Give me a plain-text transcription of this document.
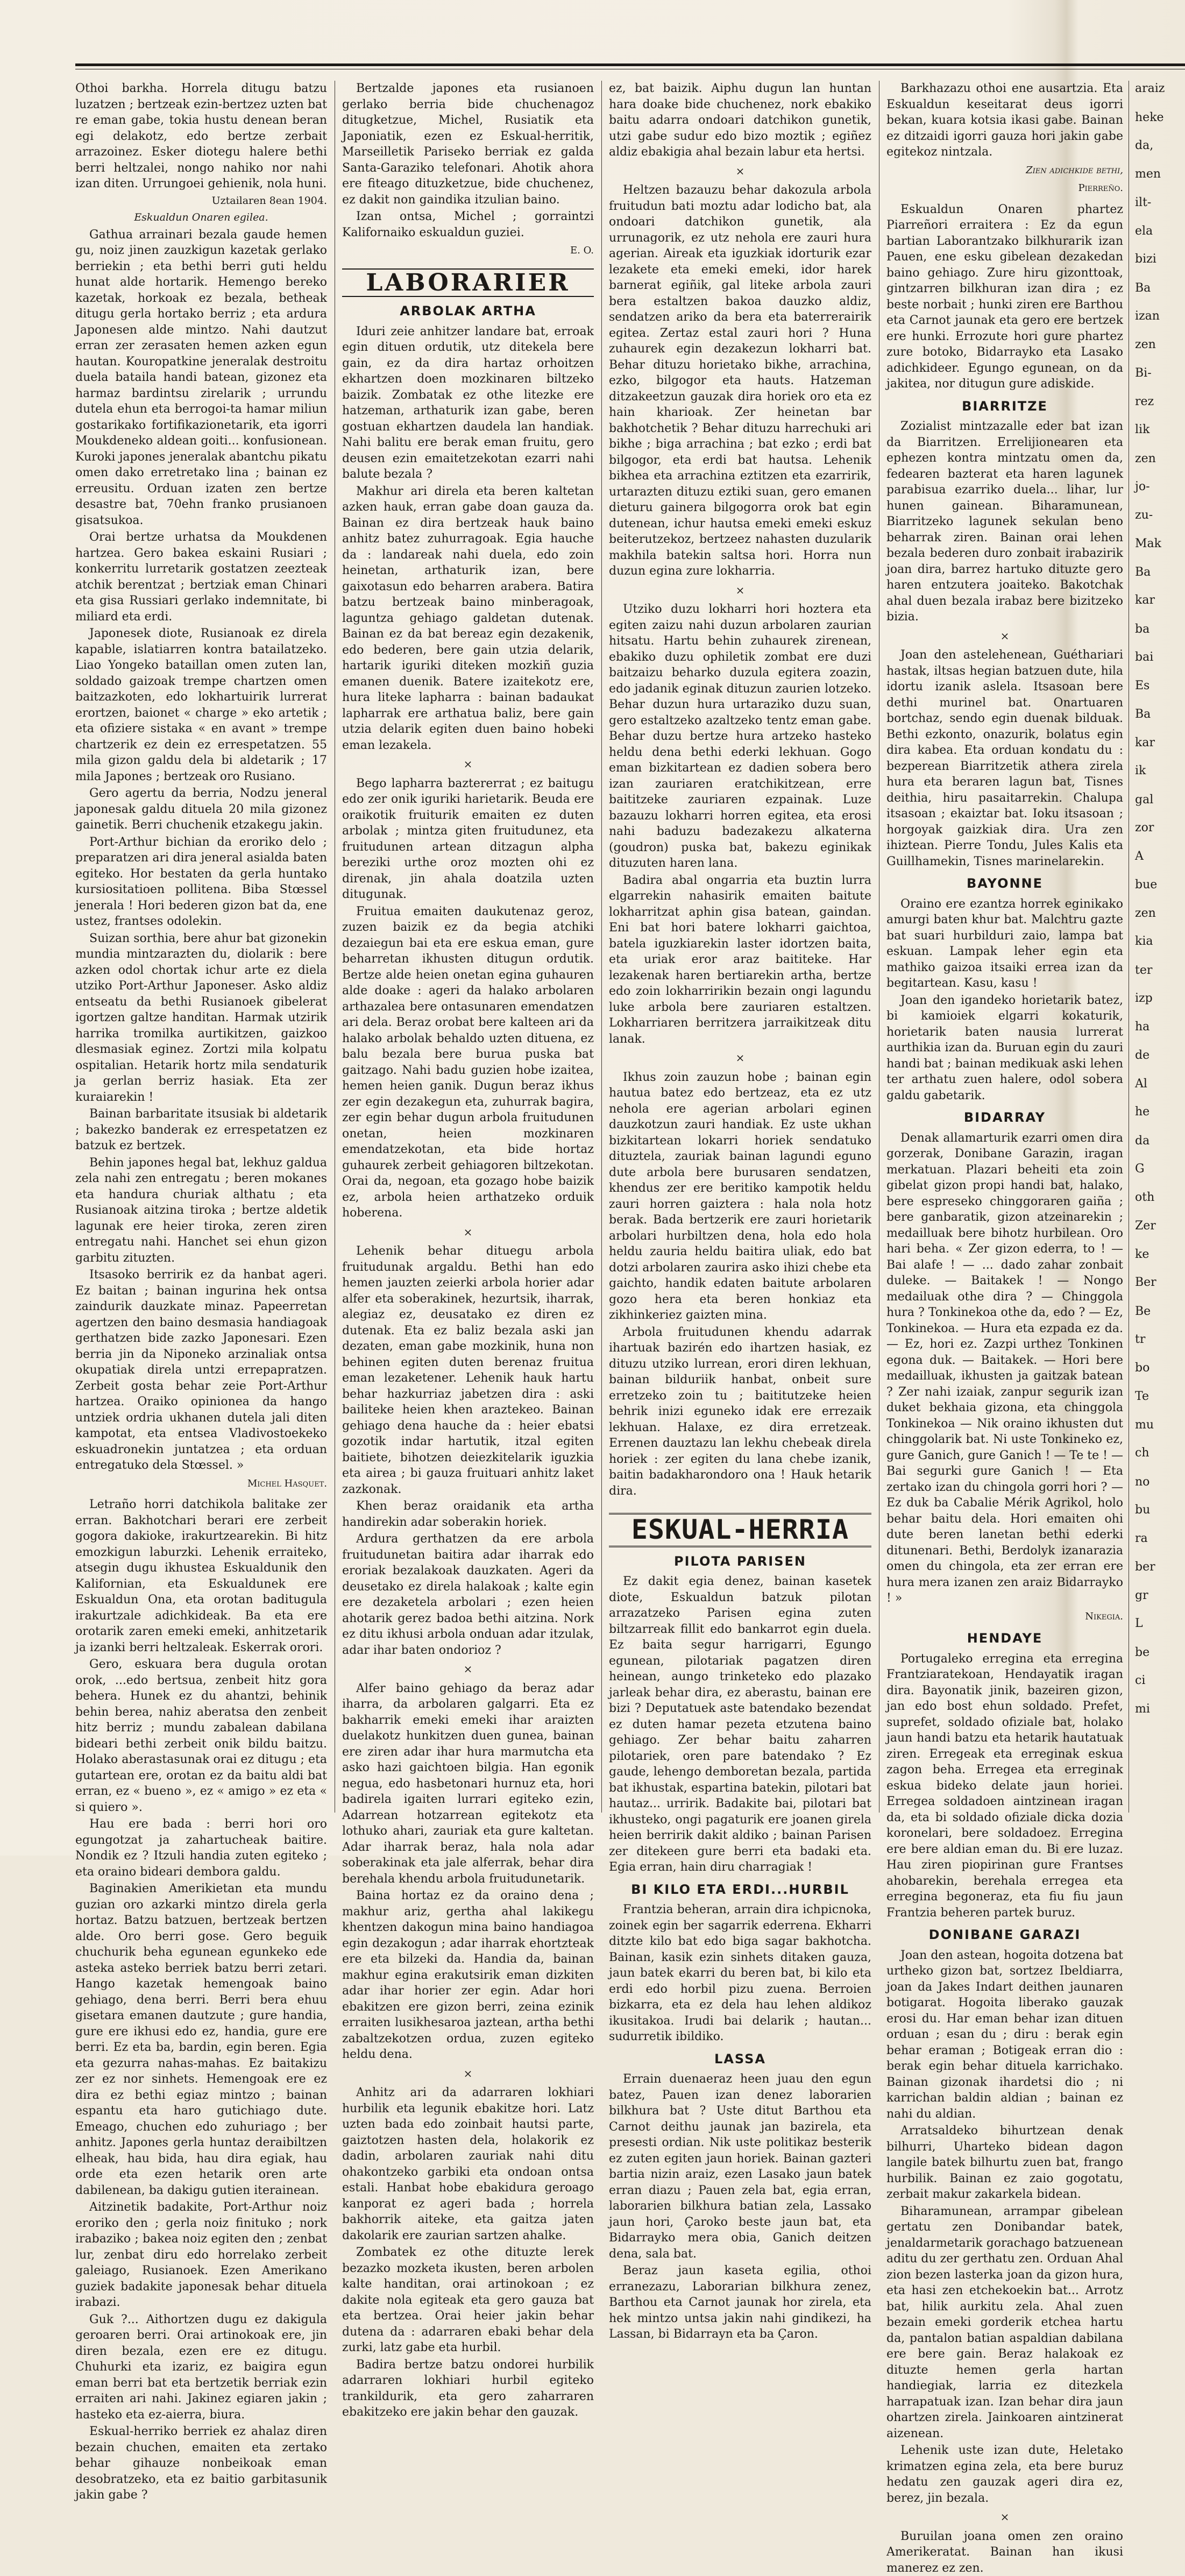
Othoi barkha. Horrela ditugu batzu luzatzen ; bertzeak ezin-bertzez uzten bat re eman gabe, tokia hustu denean beran egi delakotz, edo bertze zerbait arrazoinez. Esker diotegu halere bethi berri heltzalei, nongo nahiko nor nahi izan diten. Urrungoei gehienik, nola huni.

Uztailaren 8ean 1904.
Eskualdun Onaren egilea.

Gathua arrainari bezala gaude hemen gu, noiz jinen zauzkigun kazetak gerlako berriekin ; eta bethi berri guti heldu hunat alde hortarik. Hemengo bereko kazetak, horkoak ez bezala, betheak ditugu gerla hortako berriz ; eta ardura Japonesen alde mintzo. Nahi dautzut erran zer zerasaten hemen azken egun hautan. Kouropatkine jeneralak destroitu duela bataila handi batean, gizonez eta harmaz bardintsu zirelarik ; urrundu dutela ehun eta berrogoi-ta hamar miliun gostarikako fortifikazionetarik, eta igorri Moukdeneko aldean goiti... konfusionean. Kuroki japones jeneralak abantchu pikatu omen dako erretretako lina ; bainan ez erreusitu. Orduan izaten zen bertze desastre bat, 70ehn franko prusianoen gisatsukoa.

Orai bertze urhatsa da Moukdenen hartzea. Gero bakea eskaini Rusiari ; konkerritu lurretarik gostatzen zeezteak atchik berentzat ; bertziak eman Chinari eta gisa Russiari gerlako indemnitate, bi miliard eta erdi.

Japonesek diote, Rusianoak ez direla kapable, islatiarren kontra batailatzeko. Liao Yongeko bataillan omen zuten lan, soldado gaizoak trempe chartzen omen baitzazkoten, edo lokhartuirik lurrerat erortzen, baionet « charge » eko artetik ; eta ofiziere sistaka « en avant » trempe chartzerik ez dein ez errespetatzen. 55 mila gizon galdu dela bi aldetarik ; 17 mila Japones ; bertzeak oro Rusiano.

Gero agertu da berria, Nodzu jeneral japonesak galdu dituela 20 mila gizonez gainetik. Berri chuchenik etzakegu jakin.

Port-Arthur bichian da eroriko delo ; preparatzen ari dira jeneral asialda baten egiteko. Hor bestaten da gerla huntako kursiositatioen pollitena. Biba Stœssel jenerala ! Hori bederen gizon bat da, ene ustez, frantses odolekin.

Suizan sorthia, bere ahur bat gizonekin mundia mintzarazten du, diolarik : bere azken odol chortak ichur arte ez diela utziko Port-Arthur Japoneser. Asko aldiz entseatu da bethi Rusianoek gibelerat igortzen galtze handitan. Harmak utzirik harrika tromilka aurtikitzen, gaizkoo dlesmasiak eginez. Zortzi mila kolpatu ospitalian. Hetarik hortz mila sendaturik ja gerlan berriz hasiak. Eta zer kuraiarekin !

Bainan barbaritate itsusiak bi aldetarik ; bakezko banderak ez errespetatzen ez batzuk ez bertzek.

Behin japones hegal bat, lekhuz galdua zela nahi zen entregatu ; beren mokanes eta handura churiak althatu ; eta Rusianoak aitzina tiroka ; bertze aldetik lagunak ere heier tiroka, zeren ziren entregatu nahi. Hanchet sei ehun gizon garbitu zituzten.

Itsasoko berririk ez da hanbat ageri. Ez baitan ; bainan ingurina hek ontsa zaindurik dauzkate minaz. Papeerretan agertzen den baino desmasia handiagoak gerthatzen bide zazko Japonesari. Ezen berria jin da Niponeko arzinaliak ontsa okupatiak direla untzi errepapratzen. Zerbeit gosta behar zeie Port-Arthur hartzea. Oraiko opinionea da hango untziek ordria ukhanen dutela jali diten kampotat, eta entsea Vladivostoekeko eskuadronekin juntatzea ; eta orduan entregatuko dela Stœssel. »

Michel Hasquet.

Letraño horri datchikola balitake zer erran. Bakhotchari berari ere zerbeit gogora dakioke, irakurtzearekin. Bi hitz emozkigun laburzki. Lehenik erraiteko, atsegin dugu ikhustea Eskualdunik den Kalifornian, eta Eskualdunek ere Eskualdun Ona, eta orotan baditugula irakurtzale adichkideak. Ba eta ere orotarik zaren emeki emeki, anhitzetarik ja izanki berri heltzaleak. Eskerrak orori.

Gero, eskuara bera dugula orotan orok, ...edo bertsua, zenbeit hitz gora behera. Hunek ez du ahantzi, behinik behin berea, nahiz aberatsa den zenbeit hitz berriz ; mundu zabalean dabilana bideari bethi zerbeit onik bildu baitzu. Holako aberastasunak orai ez ditugu ; eta gutartean ere, orotan ez da baitu aldi bat erran, ez « bueno », ez « amigo » ez eta « si quiero ».

Hau ere bada : berri hori oro egungotzat ja zahartucheak baitire. Nondik ez ? Itzuli handia zuten egiteko ; eta oraino bideari dembora galdu.

Baginakien Amerikietan eta mundu guzian oro azkarki mintzo direla gerla hortaz. Batzu batzuen, bertzeak bertzen alde. Oro berri gose. Gero beguik chuchurik beha egunean egunkeko ede asteka asteko berriek batzu berri zetari. Hango kazetak hemengoak baino gehiago, dena berri. Berri bera ehuu gisetara emanen dautzute ; gure handia, gure ere ikhusi edo ez, handia, gure ere berri. Ez eta ba, bardin, egin beren. Egia eta gezurra nahas-mahas. Ez baitakizu zer ez nor sinhets. Hemengoak ere ez dira ez bethi egiaz mintzo ; bainan espantu eta haro gutichiago dute. Emeago, chuchen edo zuhuriago ; ber anhitz. Japones gerla huntaz deraibiltzen elheak, hau bida, hau dira egiak, hau orde eta ezen hetarik oren arte dabilenean, ba dakigu gutien iterainean.

Aitzinetik badakite, Port-Arthur noiz eroriko den ; gerla noiz finituko ; nork irabaziko ; bakea noiz egiten den ; zenbat lur, zenbat diru edo horrelako zerbeit galeiago, Rusianoek. Ezen Amerikano guziek badakite japonesak behar dituela irabazi.

Guk ?... Aithortzen dugu ez dakigula geroaren berri. Orai artinokoak ere, jin diren bezala, ezen ere ez ditugu. Chuhurki eta izariz, ez baigira egun eman berri bat eta bertzetik berriak ezin erraiten ari nahi. Jakinez egiaren jakin ; hasteko eta ez-aierra, biura.

Eskual-herriko berriek ez ahalaz diren bezain chuchen, emaiten eta zertako behar gihauze nonbeikoak eman desobratzeko, eta ez baitio garbitasunik jakin gabe ?

Bertzalde japones eta rusianoen gerlako berria bide chuchenagoz ditugketzue, Michel, Rusiatik eta Japoniatik, ezen ez Eskual-herritik, Marseilletik Pariseko berriak ez galda Santa-Garaziko telefonari. Ahotik ahora ere fiteago dituzketzue, bide chuchenez, ez dakit non gaindika itzulian baino.

Izan ontsa, Michel ; gorraintzi Kalifornaiko eskualdun guziei.

E. O.
LABORARIER
ARBOLAK ARTHA

Iduri zeie anhitzer landare bat, erroak egin dituen ordutik, utz ditekela bere gain, ez da dira hartaz orhoitzen ekhartzen doen mozkinaren biltzeko baizik. Zombatak ez othe litezke ere hatzeman, arthaturik izan gabe, beren gostuan ekhartzen daudela lan handiak. Nahi balitu ere berak eman fruitu, gero deusen ezin emaitetzekotan ezarri nahi balute bezala ?

Makhur ari direla eta beren kaltetan azken hauk, erran gabe doan gauza da. Bainan ez dira bertzeak hauk baino anhitz batez zuhurragoak. Egia hauche da : landareak nahi duela, edo zoin heinetan, arthaturik izan, bere gaixotasun edo beharren arabera. Batira batzu bertzeak baino minberagoak, laguntza gehiago galdetan dutenak. Bainan ez da bat bereaz egin dezakenik, edo bederen, bere gain utzia delarik, hartarik iguriki diteken mozkiñ guzia emanen duenik. Batere izaitekotz ere, hura liteke lapharra : bainan badaukat lapharrak ere arthatua baliz, bere gain utzia delarik egiten duen baino hobeki eman lezakela.

×

Bego lapharra baztererrat ; ez baitugu edo zer onik iguriki harietarik. Beuda ere oraikotik fruiturik emaiten ez duten arbolak ; mintza giten fruitudunez, eta fruitudunen artean ditzagun alpha bereziki urthe oroz mozten ohi ez direnak, jin ahala doatzila uzten ditugunak.

Fruitua emaiten daukutenaz geroz, zuzen baizik ez da begia atchiki dezaiegun bai eta ere eskua eman, gure beharretan ikhusten ditugun ordutik. Bertze alde heien onetan egina guhauren alde doake : ageri da halako arbolaren arthazalea bere ontasunaren emendatzen ari dela. Beraz orobat bere kalteen ari da halako arbolak behaldo uzten dituena, ez balu bezala bere burua puska bat gaitzago. Nahi badu guzien hobe izaitea, hemen heien ganik. Dugun beraz ikhus zer egin dezakegun eta, zuhurrak bagira, zer egin behar dugun arbola fruitudunen onetan, heien mozkinaren emendatzekotan, eta bide hortaz guhaurek zerbeit gehiagoren biltzekotan. Orai da, negoan, eta gozago hobe baizik ez, arbola heien arthatzeko orduik hoberena.

×

Lehenik behar dituegu arbola fruitudunak argaldu. Bethi han edo hemen jauzten zeierki arbola horier adar alfer eta soberakinek, hezurtsik, iharrak, alegiaz ez, deusatako ez diren ez dutenak. Eta ez baliz bezala aski jan dezaten, eman gabe mozkinik, huna non behinen egiten duten berenaz fruitua eman lezaketener. Lehenik hauk hartu behar hazkurriaz jabetzen dira : aski bailiteke heien khen araztekeo. Bainan gehiago dena hauche da : heier ebatsi gozotik indar hartutik, itzal egiten baitiete, bihotzen deiezkitelarik iguzkia eta airea ; bi gauza fruituari anhitz laket zazkonak.

Khen beraz oraidanik eta artha handirekin adar soberakin horiek.

Ardura gerthatzen da ere arbola fruitudunetan baitira adar iharrak edo eroriak bezalakoak dauzkaten. Ageri da deusetako ez direla halakoak ; kalte egin ere dezaketela arbolari ; ezen heien ahotarik gerez badoa bethi aitzina. Nork ez ditu ikhusi arbola onduan adar itzulak, adar ihar baten ondorioz ?

×

Alfer baino gehiago da beraz adar iharra, da arbolaren galgarri. Eta ez bakharrik emeki emeki ihar araizten duelakotz hunkitzen duen gunea, bainan ere ziren adar ihar hura marmutcha eta asko hazi gaichtoen bilgia. Han egonik negua, edo hasbetonari hurnuz eta, hori badirela igaiten lurrari egiteko ezin, Adarrean hotzarrean egitekotz eta lothuko ahari, zauriak eta gure kaltetan. Adar iharrak beraz, hala nola adar soberakinak eta jale alferrak, behar dira berehala khendu arbola fruitudunetarik.

Baina hortaz ez da oraino dena ; makhur ariz, gertha ahal lakikegu khentzen dakogun mina baino handiagoa egin dezakogun ; adar iharrak ehortzteak ere eta bilzeki da. Handia da, bainan makhur egina erakutsirik eman dizkiten adar ihar horier zer egin. Adar hori ebakitzen ere gizon berri, zeina ezinik erraiten lusikhesaroa jaztean, artha bethi zabaltzekotzen ordua, zuzen egiteko heldu dena.

×

Anhitz ari da adarraren lokhiari hurbilik eta legunik ebakitze hori. Latz uzten bada edo zoinbait hautsi parte, gaiztotzen hasten dela, holakorik ez dadin, arbolaren zauriak nahi ditu ohakontzeko garbiki eta ondoan ontsa estali. Hanbat hobe ebakidura geroago kanporat ez ageri bada ; horrela bakhorrik aiteke, eta gaitza jaten dakolarik ere zaurian sartzen ahalke.

Zombatek ez othe dituzte lerek bezazko mozketa ikusten, beren arbolen kalte handitan, orai artinokoan ; ez dakite nola egiteak eta gero gauza bat eta bertzea. Orai heier jakin behar dutena da : adarraren ebaki behar dela zurki, latz gabe eta hurbil.

Badira bertze batzu ondorei hurbilik adarraren lokhiari hurbil egiteko trankildurik, eta gero zaharraren ebakitzeko ere jakin behar den gauzak.

ez, bat baizik. Aiphu dugun lan huntan hara doake bide chuchenez, nork ebakiko baitu adarra ondoari datchikon gunetik, utzi gabe sudur edo bizo moztik ; egiñez aldiz ebakigia ahal bezain labur eta hertsi.

×

Heltzen bazauzu behar dakozula arbola fruitudun bati moztu adar lodicho bat, ala ondoari datchikon gunetik, ala urrunagorik, ez utz nehola ere zauri hura agerian. Aireak eta iguzkiak idorturik ezar lezakete eta emeki emeki, idor harek barnerat egiñik, gal liteke arbola zauri bera estaltzen bakoa dauzko aldiz, sendatzen ariko da bera eta baterrerairik egitea. Zertaz estal zauri hori ? Huna zuhaurek egin dezakezun lokharri bat. Behar dituzu horietako bikhe, arrachina, ezko, bilgogor eta hauts. Hatzeman ditzakeetzun gauzak dira horiek oro eta ez hain kharioak. Zer heinetan bar bakhotchetik ? Behar dituzu harrechuki ari bikhe ; biga arrachina ; bat ezko ; erdi bat bilgogor, eta erdi bat hautsa. Lehenik bikhea eta arrachina eztitzen eta ezarririk, urtarazten dituzu eztiki suan, gero emanen dieturu gainera bilgogorra orok bat egin dutenean, ichur hautsa emeki emeki eskuz beiterutzekoz, bertzeez nahasten duzularik makhila batekin saltsa hori. Horra nun duzun egina zure lokharria.

×

Utziko duzu lokharri hori hoztera eta egiten zaizu nahi duzun arbolaren zaurian hitsatu. Hartu behin zuhaurek zirenean, ebakiko duzu ophiletik zombat ere duzi baitzaizu beharko duzula egitera zoazin, edo jadanik eginak dituzun zaurien lotzeko. Behar duzun hura urtaraziko duzu suan, gero estaltzeko azaltzeko tentz eman gabe. Behar duzu bertze hura artzeko hasteko heldu dena bethi ederki lekhuan. Gogo eman bizkitartean ez dadien sobera bero izan zauriaren eratchikitzean, erre baititzeke zauriaren ezpainak. Luze bazauzu lokharri horren egitea, eta erosi nahi baduzu badezakezu alkaterna (goudron) puska bat, bakezu eginikak dituzuten haren lana.

Badira abal ongarria eta buztin lurra elgarrekin nahasirik emaiten baitute lokharritzat aphin gisa batean, gaindan. Eni bat hori batere lokharri gaichtoa, batela iguzkiarekin laster idortzen baita, eta uriak eror araz baititeke. Har lezakenak haren bertiarekin artha, bertze edo zoin lokharririkin bezain ongi lagundu luke arbola bere zauriaren estaltzen. Lokharriaren berritzera jarraikitzeak ditu lanak.

×

Ikhus zoin zauzun hobe ; bainan egin hautua batez edo bertzeaz, eta ez utz nehola ere agerian arbolari eginen dauzkotzun zauri handiak. Ez uste ukhan bizkitartean lokarri horiek sendatuko dituztela, zauriak bainan lagundi eguno dute arbola bere burusaren sendatzen, khendus zer ere beritiko kampotik heldu zauri horren gaiztera : hala nola hotz berak. Bada bertzerik ere zauri horietarik arbolari hurbiltzen dena, hola edo hola heldu zauria heldu baitira uliak, edo bat dotzi arbolaren zaurira asko ihizi chebe eta gaichto, handik edaten baitute arbolaren gozo hera eta beren honkiaz eta zikhinkeriez gaizten mina.

Arbola fruitudunen khendu adarrak ihartuak bazirén edo ihartzen hasiak, ez dituzu utziko lurrean, erori diren lekhuan, bainan bilduriik hanbat, onbeit sure erretzeko zoin tu ; baititutzeke heien behrik inizi eguneko idak ere errezaik lekhuan. Halaxe, ez dira erretzeak. Errenen dauztazu lan lekhu chebeak direla horiek : zer egiten du lana chebe izanik, baitin badakharondoro ona ! Hauk hetarik dira.

ESKUAL-HERRIA
PILOTA PARISEN

Ez dakit egia denez, bainan kasetek diote, Eskualdun batzuk pilotan arrazatzeko Parisen egina zuten biltzarreak fillit edo bankarrot egin duela. Ez baita segur harrigarri, Egungo egunean, pilotariak pagatzen diren heinean, aungo trinketeko edo plazako jarleak behar dira, ez aberastu, bainan ere bizi ? Deputatuek aste batendako bezendat ez duten hamar pezeta etzutena baino gehiago. Zer behar baitu zaharren pilotariek, oren pare batendako ? Ez gaude, lehengo demboretan bezala, partida bat ikhustak, espartina batekin, pilotari bat hautaz... urririk. Badakite bai, pilotari bat ikhusteko, ongi pagaturik ere joanen girela heien berririk dakit aldiko ; bainan Parisen zer ditekeen gure berri eta badaki eta. Egia erran, hain diru charragiak !

BI KILO ETA ERDI...HURBIL

Frantzia beheran, arrain dira ichpicnoka, zoinek egin ber sagarrik ederrena. Ekharri ditzte kilo bat edo biga sagar bakhotcha. Bainan, kasik ezin sinhets ditaken gauza, jaun batek ekarri du beren bat, bi kilo eta erdi edo horbil pizu zuena. Berroien bizkarra, eta ez dela hau lehen aldikoz ikusitakoa. Irudi bai delarik ; hautan... sudurretik ibildiko.

LASSA

Errain duenaeraz heen juau den egun batez, Pauen izan denez laborarien bilkhura bat ? Uste ditut Barthou eta Carnot deithu jaunak jan bazirela, eta presesti ordian. Nik uste politikaz besterik ez zuten egiten jaun horiek. Bainan gazteri bartia nizin araiz, ezen Lasako jaun batek erran diazu ; Pauen zela bat, egia erran, laborarien bilkhura batian zela, Lassako jaun hori, Çaroko beste jaun bat, eta Bidarrayko mera obia, Ganich deitzen dena, sala bat.

Beraz jaun kaseta egilia, othoi erranezazu, Laborarian bilkhura zenez, Barthou eta Carnot jaunak hor zirela, eta hek mintzo untsa jakin nahi gindikezi, ha Lassan, bi Bidarrayn eta ba Çaron.

Barkhazazu othoi ene ausartzia. Eta Eskualdun keseitarat deus igorri bekan, kuara kotsia ikasi gabe. Bainan ez ditzaidi igorri gauza hori jakin gabe egitekoz nintzala.

Zien adichkide bethi,
Pierreño.

Eskualdun Onaren phartez Piarreñori erraitera : Ez da egun bartian Laborantzako bilkhurarik izan Pauen, ene esku gibelean dezakedan baino gehiago. Zure hiru gizonttoak, gintzarren bilkhuran izan dira ; ez beste norbait ; hunki ziren ere Barthou eta Carnot jaunak eta gero ere bertzek ere hunki. Errozute hori gure phartez zure botoko, Bidarrayko eta Lasako adichkideer. Egungo egunean, on da jakitea, nor ditugun gure adiskide.

BIARRITZE

Zozialist mintzazalle eder bat izan da Biarritzen. Errelijionearen eta ephezen kontra mintzatu omen da, fedearen bazterat eta haren lagunek parabisua ezarriko duela... lihar, lur hunen gainean. Biharamunean, Biarritzeko lagunek sekulan beno beharrak ziren. Bainan orai lehen bezala bederen duro zonbait irabazirik joan dira, barrez hartuko dituzte gero haren entzutera joaiteko. Bakotchak ahal duen bezala irabaz bere bizitzeko bizia.

×

Joan den astelehenean, Guéthariari hastak, iltsas hegian batzuen dute, hila idortu izanik aslela. Itsasoan bere dethi murinel bat. Onartuaren bortchaz, sendo egin duenak bilduak. Bethi ezkonto, onazurik, bolatus egin dira kabea. Eta orduan kondatu du : bezperean Biarritzetik athera zirela hura eta beraren lagun bat, Tisnes deithia, hiru pasaitarrekin. Chalupa itsasoan ; ekaiztar bat. Ioku itsasoan ; horgoyak gaizkiak dira. Ura zen ihiztean. Pierre Tondu, Jules Kalis eta Guillhamekin, Tisnes marinelarekin.

BAYONNE

Oraino ere ezantza horrek eginikako amurgi baten khur bat. Malchtru gazte bat suari hurbilduri zaio, lampa bat eskuan. Lampak leher egin eta mathiko gaizoa itsaiki errea izan da begitartean. Kasu, kasu !

Joan den igandeko horietarik batez, bi kamioiek elgarri kokaturik, horietarik baten nausia lurrerat aurthikia izan da. Buruan egin du zauri handi bat ; bainan medikuak aski lehen ter arthatu zuen halere, odol sobera galdu gabetarik.

BIDARRAY

Denak allamarturik ezarri omen dira gorzerak, Donibane Garazin, iragan merkatuan. Plazari beheiti eta zoin gibelat gizon propi handi bat, halako, bere espreseko chinggoraren gaiña ; bere ganbaratik, gizon atzeinarekin ; medailluak bere bihotz hurbilean. Oro hari beha. « Zer gizon ederra, to ! — Bai alafe ! — ... dado zahar zonbait duleke. — Baitakek ! — Nongo medailuak othe dira ? — Chinggola hura ? Tonkinekoa othe da, edo ? — Ez, Tonkinekoa. — Hura eta ezpada ez da. — Ez, hori ez. Zazpi urthez Tonkinen egona duk. — Baitakek. — Hori bere medailluak, ikhusten ja gaitzak batean ? Zer nahi izaiak, zanpur segurik izan duket bekhaia gizona, eta chinggola Tonkinekoa — Nik oraino ikhusten dut chinggolarik bat. Ni uste Tonkineko ez, gure Ganich, gure Ganich ! — Te te ! — Bai segurki gure Ganich ! — Eta zertako izan du chingola gorri hori ? — Ez duk ba Cabalie Mérik Agrikol, holo behar baitu dela. Hori emaiten ohi dute beren lanetan bethi ederki ditunenari. Bethi, Berdolyk izanarazia omen du chingola, eta zer erran ere hura mera izanen zen araiz Bidarrayko ! »

Nikegia.
HENDAYE

Portugaleko erregina eta erregina Frantziaratekoan, Hendayatik iragan dira. Bayonatik jinik, bazeiren gizon, jan edo bost ehun soldado. Prefet, suprefet, soldado ofiziale bat, holako jaun handi batzu eta hetarik hautatuak ziren. Erregeak eta erreginak eskua zagon beha. Erregea eta erreginak eskua bideko delate jaun horiei. Erregea soldadoen aintzinean iragan da, eta bi soldado ofiziale dicka dozia koronelari, bere soldadoez. Erregina ere bere aldian eman du. Bi ere luzaz. Hau ziren piopirinan gure Frantses ahobarekin, berehala erregea eta erregina begoneraz, eta fiu fiu jaun Frantzia beheren partek buruz.

DONIBANE GARAZI

Joan den astean, hogoita dotzena bat urtheko gizon bat, sortzez Ibeldiarra, joan da Jakes Indart deithen jaunaren botigarat. Hogoita liberako gauzak erosi du. Har eman behar izan dituen orduan ; esan du ; diru : berak egin behar eraman ; Botigeak erran dio : berak egin behar dituela karrichako. Bainan gizonak ihardetsi dio ; ni karrichan baldin aldian ; bainan ez nahi du aldian.

Arratsaldeko bihurtzean denak bilhurri, Uharteko bidean dagon langile batek bilhurtu zuen bat, frango hurbilik. Bainan ez zaio gogotatu, zerbait makur zakarkela bidean.

Biharamunean, arrampar gibelean gertatu zen Donibandar batek, jenaldarmetarik gorachago batzuenean aditu du zer gerthatu zen. Orduan Ahal zion bezen lasterka joan da gizon hura, eta hasi zen etchekoekin bat... Arrotz bat, hilik aurkitu zela. Ahal zuen bezain emeki gorderik etchea hartu da, pantalon batian aspaldian dabilana ere bere gain. Beraz halakoak ez dituzte hemen gerla hartan handiegiak, larria ez ditezkela harrapatuak izan. Izan behar dira jaun ohartzen zirela. Jainkoaren aintzinerat aizenean.

Lehenik uste izan dute, Heletako krimatzen egina zela, eta bere buruz hedatu zen gauzak ageri dira ez, berez, jin bezala.

×

Buruilan joana omen zen oraino Amerikeratat. Bainan han ikusi manerez ez zen.

araiz
heke
da,
men
ilt-
ela
bizi
Ba
izan
zen
Bi-
rez
lik
zen
jo-
zu-
Mak
Ba
kar
ba
bai
Es
Ba
kar
ik
gal
zor
A
bue
zen
kia
ter
izp
ha
de
Al
he
da
G
oth
Zer
ke
Ber
Be
tr
bo
Te
mu
ch
no
bu
ra
ber
gr
L
be
ci
mi
